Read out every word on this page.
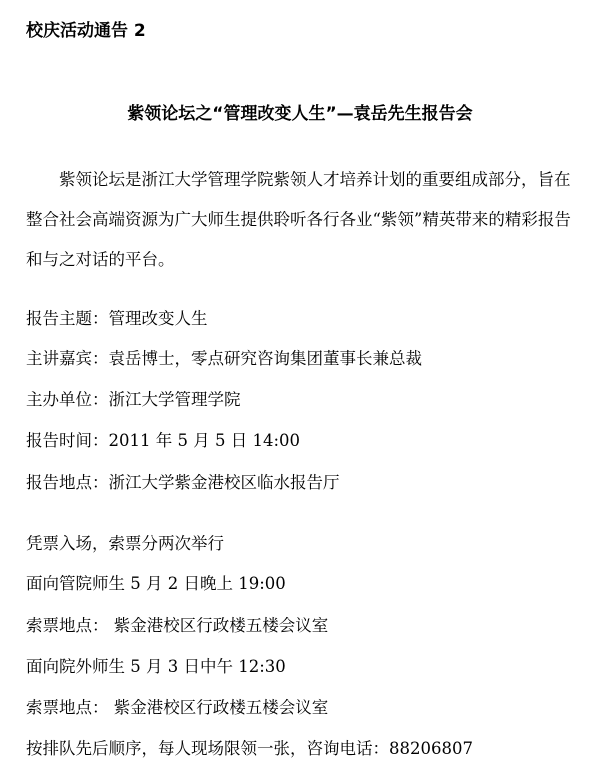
校庆活动通告 2
紫领论坛之“管理改变人生”—袁岳先生报告会

紫领论坛是浙江大学管理学院紫领人才培养计划的重要组成部分，旨在整合社会高端资源为广大师生提供聆听各行各业“紫领”精英带来的精彩报告和与之对话的平台。

报告主题：管理改变人生
主讲嘉宾：袁岳博士，零点研究咨询集团董事长兼总裁
主办单位：浙江大学管理学院
报告时间：2011 年 5 月 5 日 14:00
报告地点：浙江大学紫金港校区临水报告厅
凭票入场，索票分两次举行
面向管院师生 5 月 2 日晚上 19:00
索票地点： 紫金港校区行政楼五楼会议室
面向院外师生 5 月 3 日中午 12:30
索票地点： 紫金港校区行政楼五楼会议室
按排队先后顺序，每人现场限领一张，咨询电话：88206807
